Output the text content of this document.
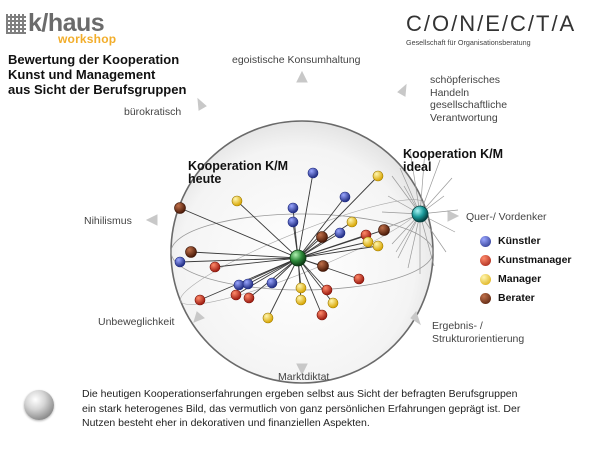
k/haus
workshop
C/O/N/E/C/T/A
Gesellschaft für Organisationsberatung
Bewertung der Kooperation
Kunst und Management
aus Sicht der Berufsgruppen
Kooperation K/M
heute
Kooperation K/M
ideal
egoistische Konsumhaltung
bürokratisch
schöpferisches
Handeln
gesellschaftliche
Verantwortung
Nihilismus	Quer-/ Vordenker
Unbeweglichkeit	Ergebnis- /
Strukturorientierung
Marktdiktat
Künstler
Kunstmanager
Manager
Berater
Die heutigen Kooperationserfahrungen ergeben selbst aus Sicht der befragten Berufsgruppen
ein stark heterogenes Bild, das vermutlich von ganz persönlichen Erfahrungen geprägt ist. Der
Nutzen besteht eher in dekorativen und finanziellen Aspekten.
